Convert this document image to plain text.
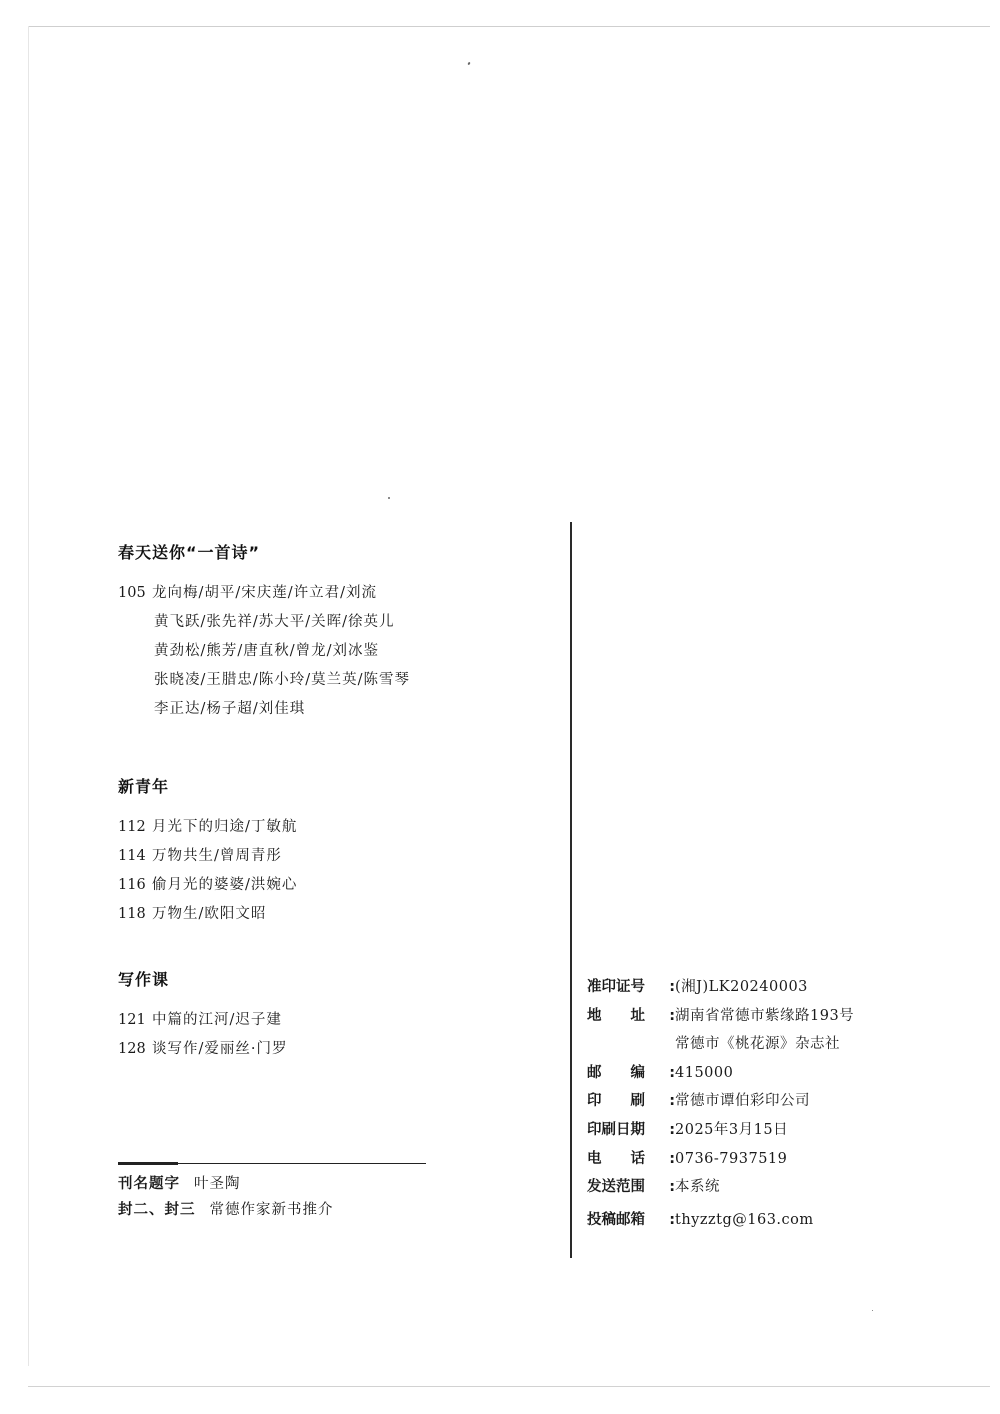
春天送你“一首诗”
105 龙向梅/胡平/宋庆莲/许立君/刘流
黄飞跃/张先祥/苏大平/关晖/徐英儿
黄劲松/熊芳/唐直秋/曾龙/刘冰鉴
张晓凌/王腊忠/陈小玲/莫兰英/陈雪琴
李正达/杨子超/刘佳琪
新青年
112 月光下的归途/丁敏航
114 万物共生/曾周青彤
116 偷月光的婆婆/洪婉心
118 万物生/欧阳文昭
写作课
121 中篇的江河/迟子建
128 谈写作/爱丽丝·门罗
刊名题字 叶圣陶
封二、封三 常德作家新书推介
准印证号 : (湘J)LK20240003
地　　址 : 湖南省常德市紫缘路193号
常德市《桃花源》杂志社
邮　　编 : 415000
印　　刷 : 常德市谭伯彩印公司
印刷日期 : 2025年3月15日
电　　话 : 0736-7937519
发送范围 : 本系统
投稿邮箱 : thyzztg@163.com
